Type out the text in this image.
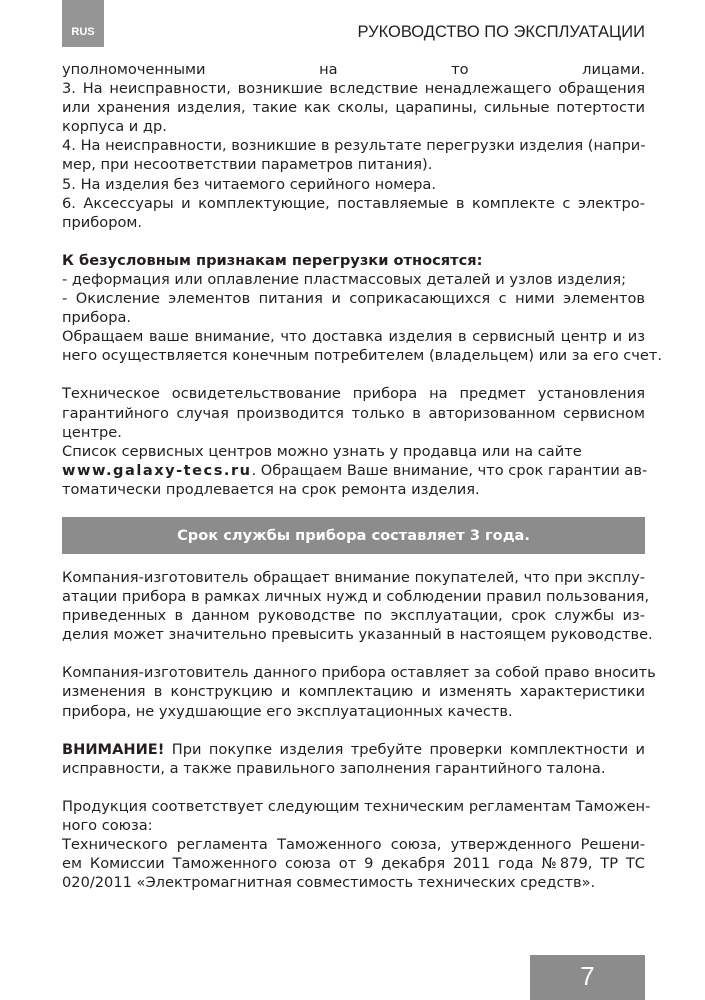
RUS	РУКОВОДСТВО ПО ЭКСПЛУАТАЦИИ
уполномоченными на то лицами.
3. На неисправности, возникшие вследствие ненадлежащего обращения
или хранения изделия, такие как сколы, царапины, сильные потертости
корпуса и др.
4. На неисправности, возникшие в результате перегрузки изделия (напри-
мер, при несоответствии параметров питания).
5. На изделия без читаемого серийного номера.
6. Аксессуары и комплектующие, поставляемые в комплекте с электро-
прибором.
К безусловным признакам перегрузки относятся:
- деформация или оплавление пластмассовых деталей и узлов изделия;
- Окисление элементов питания и соприкасающихся с ними элементов
прибора.
Обращаем ваше внимание, что доставка изделия в сервисный центр и из
него осуществляется конечным потребителем (владельцем) или за его счет.
Техническое освидетельствование прибора на предмет установления
гарантийного случая производится только в авторизованном сервисном
центре.
Список сервисных центров можно узнать у продавца или на сайте
www.galaxy-tecs.ru. Обращаем Ваше внимание, что срок гарантии ав-
томатически продлевается на срок ремонта изделия.
Срок службы прибора составляет 3 года.
Компания-изготовитель обращает внимание покупателей, что при эксплу-
атации прибора в рамках личных нужд и соблюдении правил пользования,
приведенных в данном руководстве по эксплуатации, срок службы из-
делия может значительно превысить указанный в настоящем руководстве.
Компания-изготовитель данного прибора оставляет за собой право вносить
изменения в конструкцию и комплектацию и изменять характеристики
прибора, не ухудшающие его эксплуатационных качеств.
ВНИМАНИЕ! При покупке изделия требуйте проверки комплектности и
исправности, а также правильного заполнения гарантийного талона.
Продукция соответствует следующим техническим регламентам Таможен-
ного союза:
Технического регламента Таможенного союза, утвержденного Решени-
ем Комиссии Таможенного союза от 9 декабря 2011 года №879, ТР ТС
020/2011 «Электромагнитная совместимость технических средств».
7
